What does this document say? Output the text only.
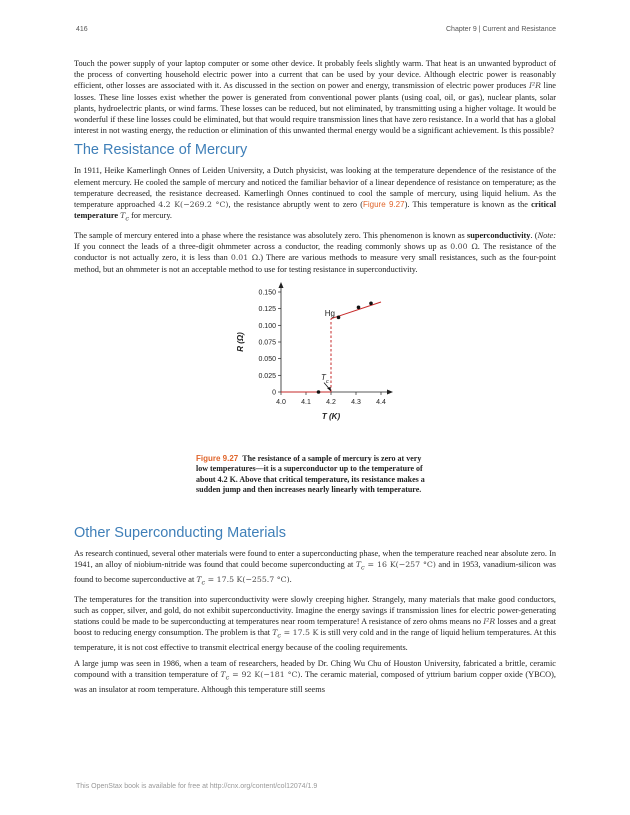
416	Chapter 9 | Current and Resistance

Touch the power supply of your laptop computer or some other device. It probably feels slightly warm. That heat is an unwanted byproduct of the process of converting household electric power into a current that can be used by your device. Although electric power is reasonably efficient, other losses are associated with it. As discussed in the section on power and energy, transmission of electric power produces I²R line losses. These line losses exist whether the power is generated from conventional power plants (using coal, oil, or gas), nuclear plants, solar plants, hydroelectric plants, or wind farms. These losses can be reduced, but not eliminated, by transmitting using a higher voltage. It would be wonderful if these line losses could be eliminated, but that would require transmission lines that have zero resistance. In a world that has a global interest in not wasting energy, the reduction or elimination of this unwanted thermal energy would be a significant achievement. Is this possible?

The Resistance of Mercury

In 1911, Heike Kamerlingh Onnes of Leiden University, a Dutch physicist, was looking at the temperature dependence of the resistance of the element mercury. He cooled the sample of mercury and noticed the familiar behavior of a linear dependence of resistance on temperature; as the temperature decreased, the resistance decreased. Kamerlingh Onnes continued to cool the sample of mercury, using liquid helium. As the temperature approached 4.2 K(−269.2 °C), the resistance abruptly went to zero (Figure 9.27). This temperature is known as the critical temperature $T_c$ for mercury.

The sample of mercury entered into a phase where the resistance was absolutely zero. This phenomenon is known as superconductivity. (Note: If you connect the leads of a three-digit ohmmeter across a conductor, the reading commonly shows up as 0.00 Ω. The resistance of the conductor is not actually zero, it is less than 0.01 Ω.) There are various methods to measure very small resistances, such as the four-point method, but an ohmmeter is not an acceptable method to use for testing resistance in superconductivity.

0
0.025
0.050
0.075
0.100
0.125
0.150
4.0 4.1 4.2 4.3 4.4
T (K)
R (Ω)
Hg
T c
Figure 9.27 The resistance of a sample of mercury is zero at very low temperatures—it is a superconductor up to the temperature of about 4.2 K. Above that critical temperature, its resistance makes a sudden jump and then increases nearly linearly with temperature.
Other Superconducting Materials

As research continued, several other materials were found to enter a superconducting phase, when the temperature reached near absolute zero. In 1941, an alloy of niobium-nitride was found that could become superconducting at $T_c = 16$ K(−257 °C) and in 1953, vanadium-silicon was found to become superconductive at $T_c = 17.5$ K(−255.7 °C).

The temperatures for the transition into superconductivity were slowly creeping higher. Strangely, many materials that make good conductors, such as copper, silver, and gold, do not exhibit superconductivity. Imagine the energy savings if transmission lines for electric power-generating stations could be made to be superconducting at temperatures near room temperature! A resistance of zero ohms means no I²R losses and a great boost to reducing energy consumption. The problem is that $T_c = 17.5$ K is still very cold and in the range of liquid helium temperatures. At this temperature, it is not cost effective to transmit electrical energy because of the cooling requirements.

A large jump was seen in 1986, when a team of researchers, headed by Dr. Ching Wu Chu of Houston University, fabricated a brittle, ceramic compound with a transition temperature of $T_c = 92$ K(−181 °C). The ceramic material, composed of yttrium barium copper oxide (YBCO), was an insulator at room temperature. Although this temperature still seems

This OpenStax book is available for free at http://cnx.org/content/col12074/1.9
